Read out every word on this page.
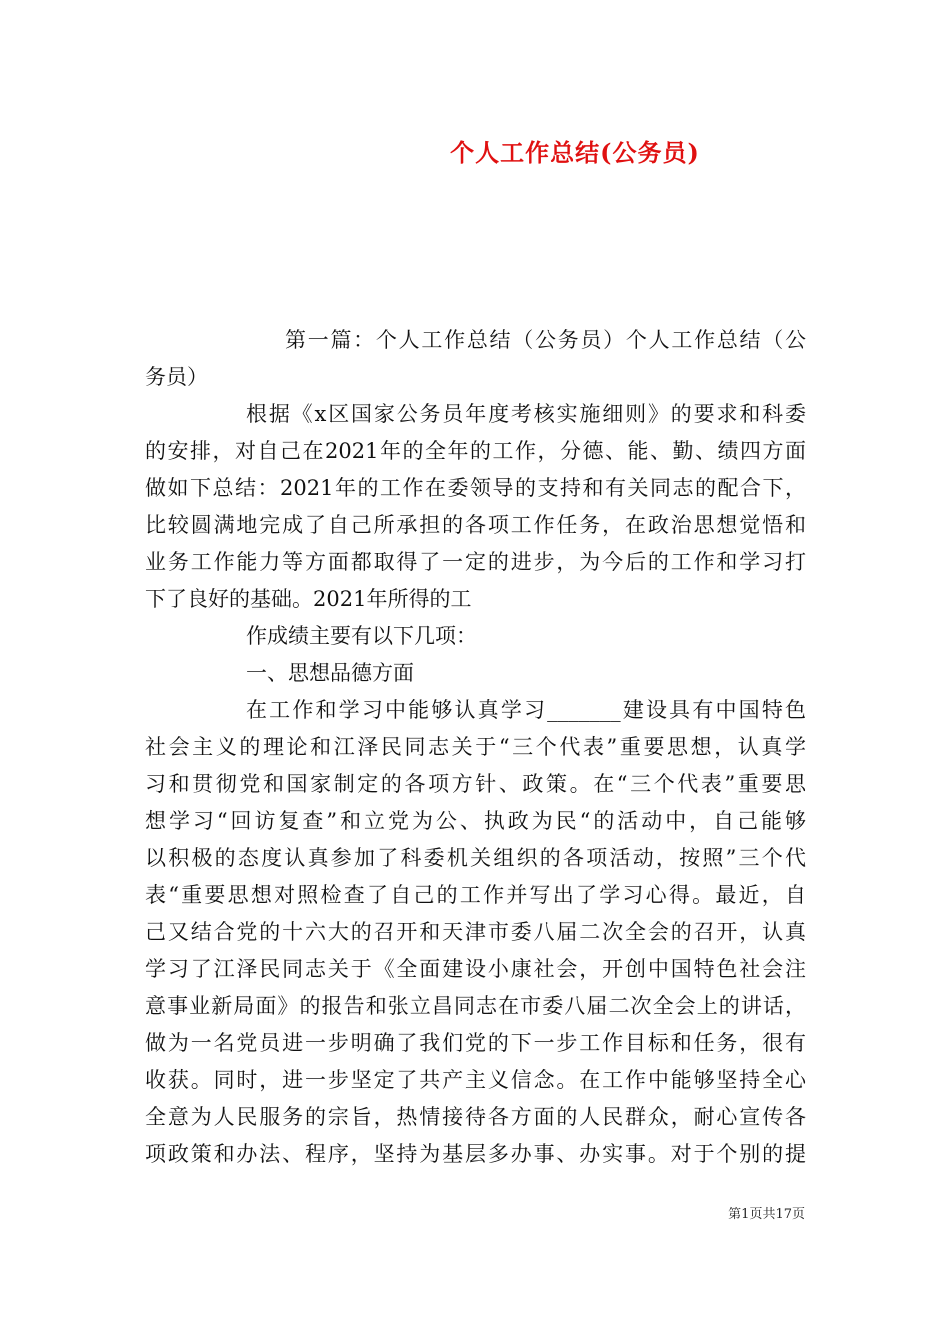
个人工作总结(公务员)
第一篇：个人工作总结（公务员）个人工作总结（公
务员）
根据《x区国家公务员年度考核实施细则》的要求和科委
的安排，对自己在2021年的全年的工作，分德、能、勤、绩四方面
做如下总结：2021年的工作在委领导的支持和有关同志的配合下，
比较圆满地完成了自己所承担的各项工作任务，在政治思想觉悟和
业务工作能力等方面都取得了一定的进步，为今后的工作和学习打
下了良好的基础。2021年所得的工
作成绩主要有以下几项：
一、思想品德方面
在工作和学习中能够认真学习_______建设具有中国特色
社会主义的理论和江泽民同志关于“三个代表”重要思想，认真学
习和贯彻党和国家制定的各项方针、政策。在“三个代表”重要思
想学习“回访复查”和立党为公、执政为民“的活动中，自己能够
以积极的态度认真参加了科委机关组织的各项活动，按照”三个代
表“重要思想对照检查了自己的工作并写出了学习心得。最近，自
己又结合党的十六大的召开和天津市委八届二次全会的召开，认真
学习了江泽民同志关于《全面建设小康社会，开创中国特色社会注
意事业新局面》的报告和张立昌同志在市委八届二次全会上的讲话，
做为一名党员进一步明确了我们党的下一步工作目标和任务，很有
收获。同时，进一步坚定了共产主义信念。在工作中能够坚持全心
全意为人民服务的宗旨，热情接待各方面的人民群众，耐心宣传各
项政策和办法、程序，坚持为基层多办事、办实事。对于个别的提
第1页共17页
